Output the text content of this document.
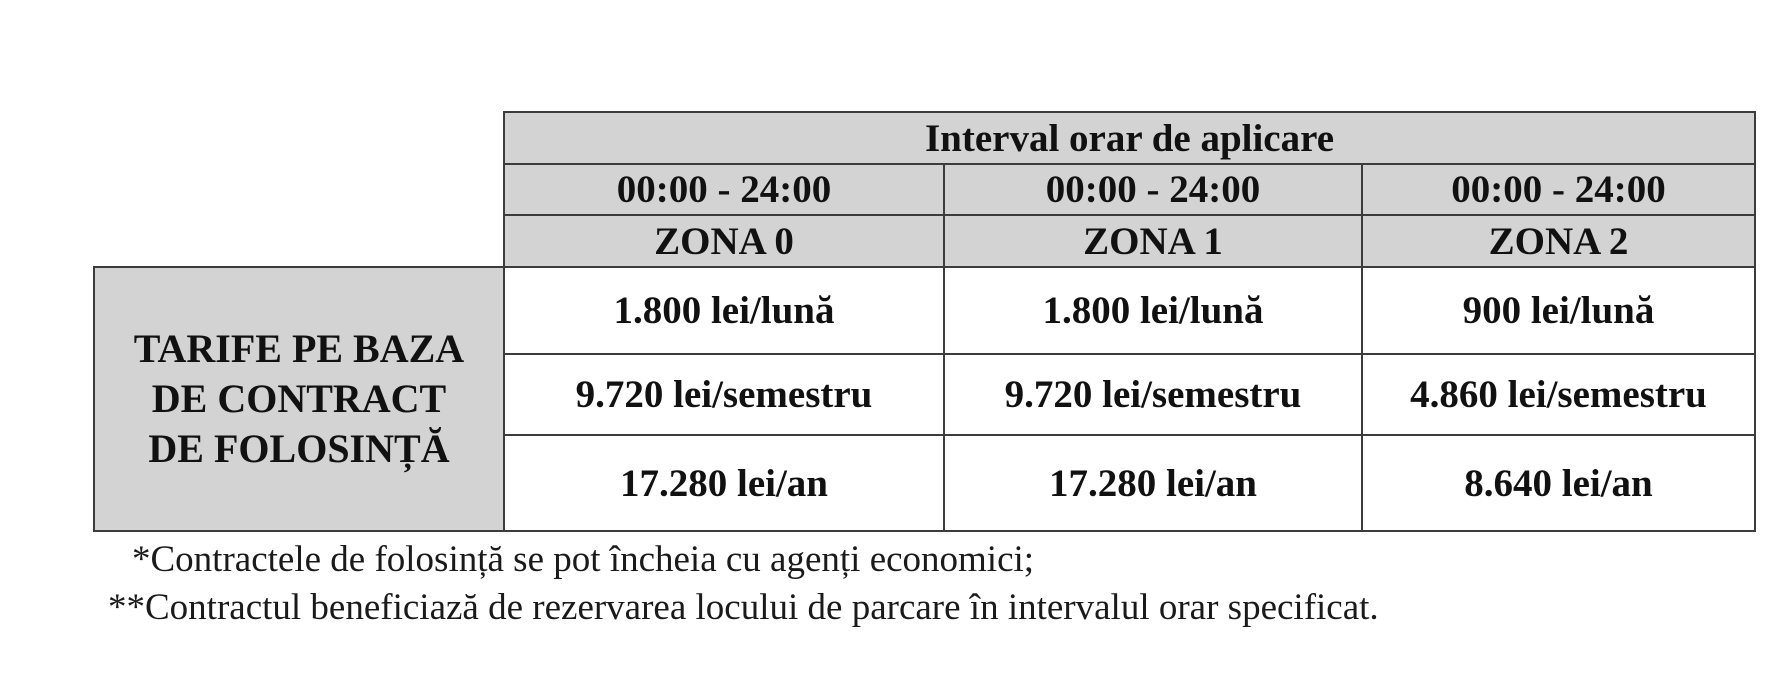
	Interval orar de aplicare		
	00:00 - 24:00	00:00 - 24:00	00:00 - 24:00
	ZONA 0	ZONA 1	ZONA 2

TARIFE PE BAZA
DE CONTRACT
DE FOLOSINȚĂ	1.800 lei/lună	1.800 lei/lună	900 lei/lună
	9.720 lei/semestru	9.720 lei/semestru	4.860 lei/semestru
	17.280 lei/an	17.280 lei/an	8.640 lei/an
*Contractele de folosință se pot încheia cu agenți economici;
**Contractul beneficiază de rezervarea locului de parcare în intervalul orar specificat.
